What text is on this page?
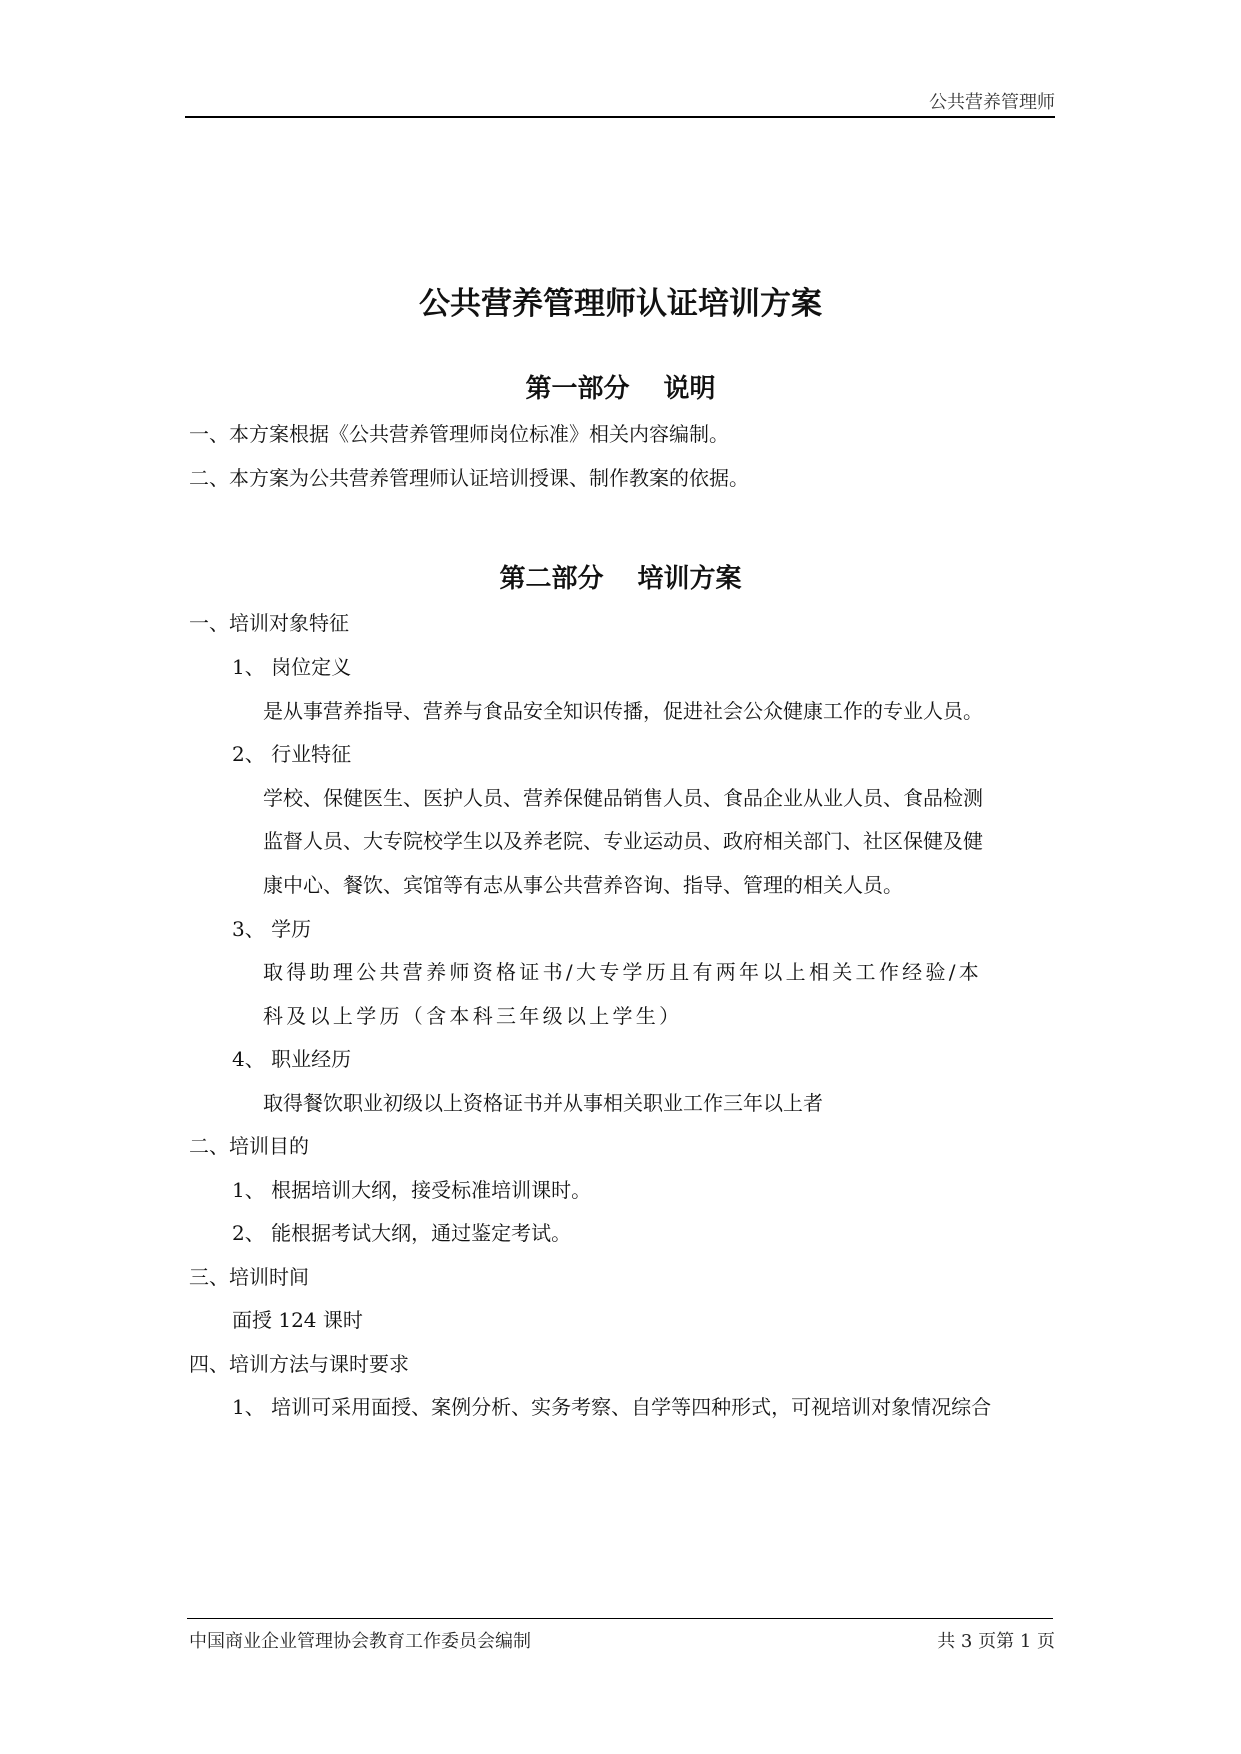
公共营养管理师
公共营养管理师认证培训方案
第一部分 说明
一、本方案根据《公共营养管理师岗位标准》相关内容编制。
二、本方案为公共营养管理师认证培训授课、制作教案的依据。
第二部分 培训方案
一、培训对象特征
1、 岗位定义
是从事营养指导、营养与食品安全知识传播，促进社会公众健康工作的专业人员。
2、 行业特征
学校、保健医生、医护人员、营养保健品销售人员、食品企业从业人员、食品检测
监督人员、大专院校学生以及养老院、专业运动员、政府相关部门、社区保健及健
康中心、餐饮、宾馆等有志从事公共营养咨询、指导、管理的相关人员。
3、 学历
取得助理公共营养师资格证书/大专学历且有两年以上相关工作经验/本
科及以上学历（含本科三年级以上学生）
4、 职业经历
取得餐饮职业初级以上资格证书并从事相关职业工作三年以上者
二、培训目的
1、 根据培训大纲，接受标准培训课时。
2、 能根据考试大纲，通过鉴定考试。
三、培训时间
面授 124 课时
四、培训方法与课时要求
1、 培训可采用面授、案例分析、实务考察、自学等四种形式，可视培训对象情况综合
中国商业企业管理协会教育工作委员会编制	共 3 页第 1 页
